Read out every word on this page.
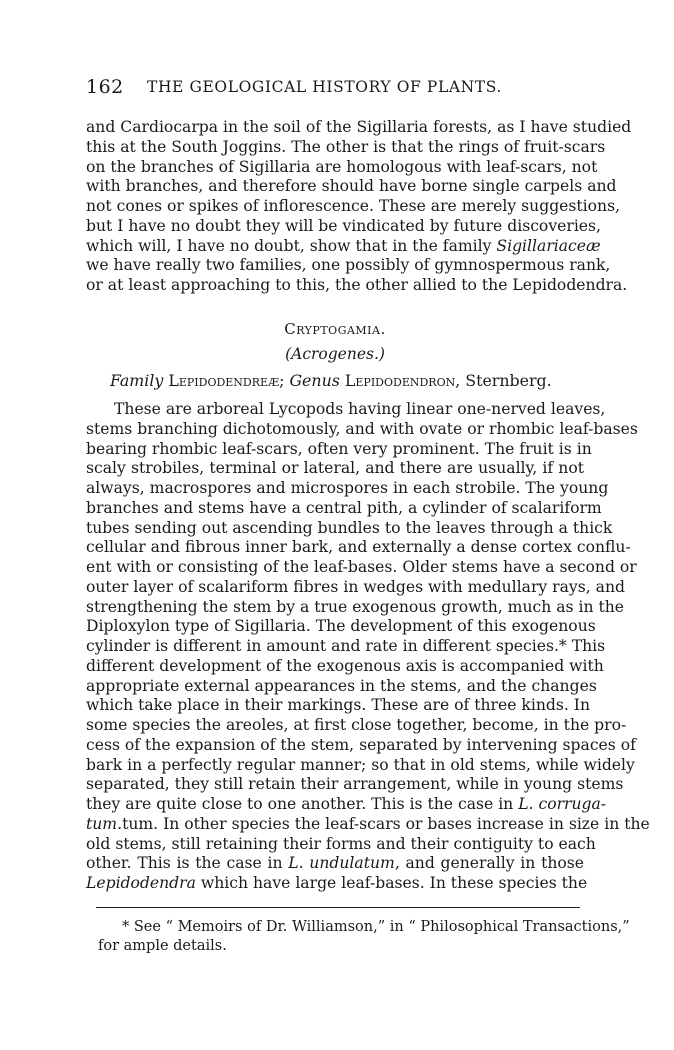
162 THE GEOLOGICAL HISTORY OF PLANTS.
and Cardiocarpa in the soil of the Sigillaria forests, as I have studied
this at the South Joggins. The other is that the rings of fruit-scars
on the branches of Sigillaria are homologous with leaf-scars, not
with branches, and therefore should have borne single carpels and
not cones or spikes of inflorescence. These are merely suggestions,
but I have no doubt they will be vindicated by future discoveries,
which will, I have no doubt, show that in the family Sigillariaceæ
we have really two families, one possibly of gymnospermous rank,
or at least approaching to this, the other allied to the Lepidodendra.
Cryptogamia.
(Acrogenes.)
Family Lepidodendreæ; Genus Lepidodendron, Sternberg.
These are arboreal Lycopods having linear one-nerved leaves,
stems branching dichotomously, and with ovate or rhombic leaf-bases
bearing rhombic leaf-scars, often very prominent. The fruit is in
scaly strobiles, terminal or lateral, and there are usually, if not
always, macrospores and microspores in each strobile. The young
branches and stems have a central pith, a cylinder of scalariform
tubes sending out ascending bundles to the leaves through a thick
cellular and fibrous inner bark, and externally a dense cortex conflu-
ent with or consisting of the leaf-bases. Older stems have a second or
outer layer of scalariform fibres in wedges with medullary rays, and
strengthening the stem by a true exogenous growth, much as in the
Diploxylon type of Sigillaria. The development of this exogenous
cylinder is different in amount and rate in different species.* This
different development of the exogenous axis is accompanied with
appropriate external appearances in the stems, and the changes
which take place in their markings. These are of three kinds. In
some species the areoles, at first close together, become, in the pro-
cess of the expansion of the stem, separated by intervening spaces of
bark in a perfectly regular manner; so that in old stems, while widely
separated, they still retain their arrangement, while in young stems
they are quite close to one another. This is the case in L. corruga-
tum.tum. In other species the leaf-scars or bases increase in size in the
old stems, still retaining their forms and their contiguity to each
other. This is the case in L. undulatum, and generally in those
Lepidodendra which have large leaf-bases. In these species the
* See “ Memoirs of Dr. Williamson,” in “ Philosophical Transactions,”
for ample details.
